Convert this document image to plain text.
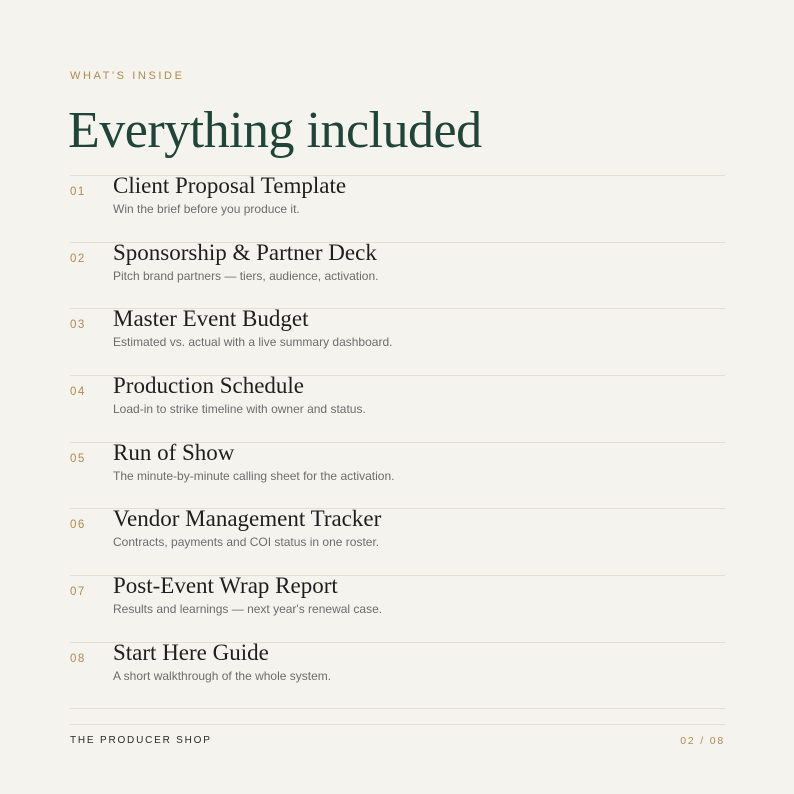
WHAT'S INSIDE
Everything included
01 Client Proposal Template
Win the brief before you produce it.
02 Sponsorship & Partner Deck
Pitch brand partners — tiers, audience, activation.
03 Master Event Budget
Estimated vs. actual with a live summary dashboard.
04 Production Schedule
Load-in to strike timeline with owner and status.
05 Run of Show
The minute-by-minute calling sheet for the activation.
06 Vendor Management Tracker
Contracts, payments and COI status in one roster.
07 Post-Event Wrap Report
Results and learnings — next year's renewal case.
08 Start Here Guide
A short walkthrough of the whole system.
THE PRODUCER SHOP	02 / 08
